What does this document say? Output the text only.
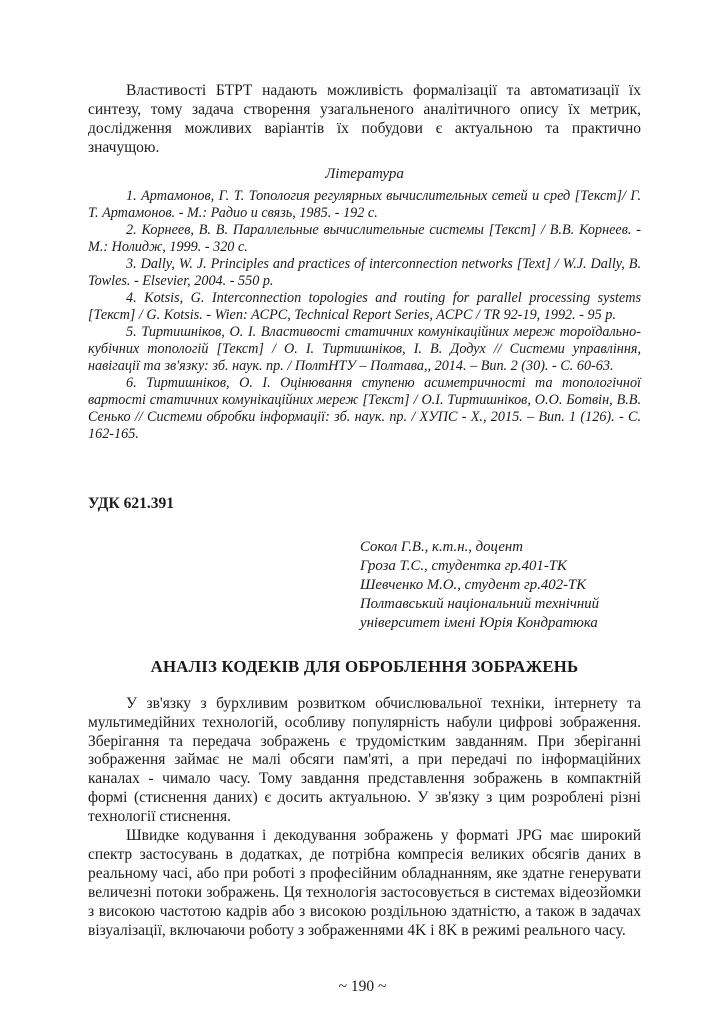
Властивості БТРТ надають можливість формалізації та автоматизації їх синтезу, тому задача створення узагальненого аналітичного опису їх метрик, дослідження можливих варіантів їх побудови є актуальною та практично значущою.

Література

1. Артамонов, Г. Т. Топология регулярных вычислительных сетей и сред [Текст]/ Г. Т. Артамонов. - М.: Радио и связь, 1985. - 192 с.

2. Корнеев, В. В. Параллельные вычислительные системы [Текст] / В.В. Корнеев. - М.: Нолидж, 1999. - 320 с.

3. Dally, W. J. Principles and practices of interconnection networks [Text] / W.J. Dally, B. Towles. - Elsevier, 2004. - 550 p.

4. Kotsis, G. Interconnection topologies and routing for parallel processing systems [Текст] / G. Kotsis. - Wien: ACPC, Technical Report Series, ACPC / TR 92-19, 1992. - 95 p.

5. Тиртишніков, О. І. Властивості статичних комунікаційних мереж тороїдально-кубічних топологій [Текст] / О. І. Тиртишніков, І. В. Додух // Системи управління, навігації та зв'язку: зб. наук. пр. / ПолтНТУ – Полтава,, 2014. – Вип. 2 (30). - С. 60-63.

6. Тиртишніков, О. І. Оцінювання ступеню асиметричності та топологічної вартості статичних комунікаційних мереж [Текст] / О.І. Тиртишніков, О.О. Ботвін, В.В. Сенько // Системи обробки інформації: зб. наук. пр. / ХУПС - Х., 2015. – Вип. 1 (126). - С. 162-165.

УДК 621.391

Сокол Г.В., к.т.н., доцент

Гроза Т.С., студентка гр.401-ТК

Шевченко М.О., студент гр.402-ТК

Полтавський національний технічний

університет імені Юрія Кондратюка

АНАЛІЗ КОДЕКІВ ДЛЯ ОБРОБЛЕННЯ ЗОБРАЖЕНЬ

У зв'язку з бурхливим розвитком обчислювальної техніки, інтернету та мультимедійних технологій, особливу популярність набули цифрові зображення. Зберігання та передача зображень є трудомістким завданням. При зберіганні зображення займає не малі обсяги пам'яті, а при передачі по інформаційних каналах - чимало часу. Тому завдання представлення зображень в компактній формі (стиснення даних) є досить актуальною. У зв'язку з цим розроблені різні технології стиснення.

Швидке кодування і декодування зображень у форматі JPG має широкий спектр застосувань в додатках, де потрібна компресія великих обсягів даних в реальному часі, або при роботі з професійним обладнанням, яке здатне генерувати величезні потоки зображень. Ця технологія застосовується в системах відеозйомки з високою частотою кадрів або з високою роздільною здатністю, а також в задачах візуалізації, включаючи роботу з зображеннями 4K і 8K в режимі реального часу.

~ 190 ~
